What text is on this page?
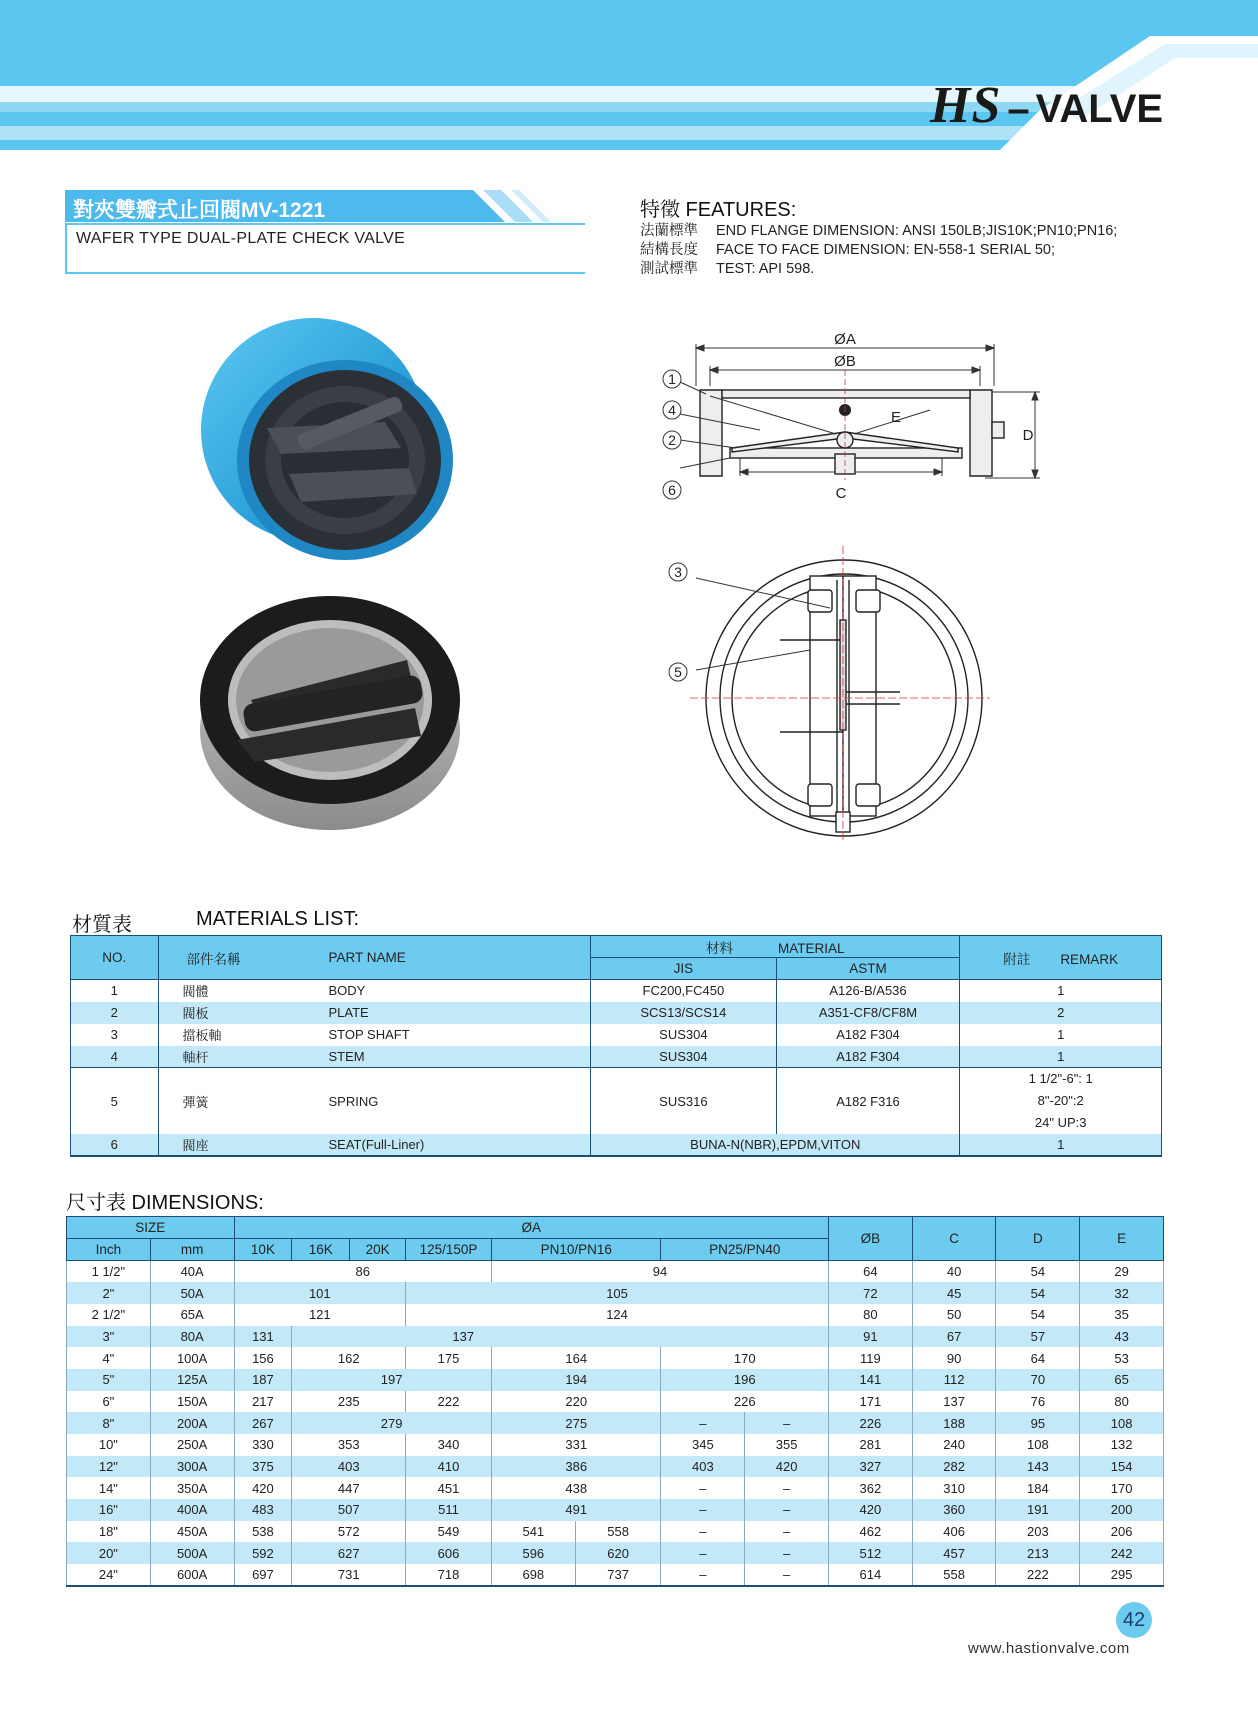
HS – VALVE
對夾雙瓣式止回閥MV-1221
WAFER TYPE DUAL-PLATE CHECK VALVE
特徵 FEATURES:
法蘭標準 END FLANGE DIMENSION: ANSI 150LB;JIS10K;PN10;PN16;
結構長度 FACE TO FACE DIMENSION: EN-558-1 SERIAL 50;
測試標準 TEST: API 598.
ØA
ØB
C
E
D
1
4
2
6
3
5
材質表	MATERIALS LIST:
NO.	部件名稱	PART NAME	材料 MATERIAL		附註 REMARK
			JIS	ASTM	
1	閥體	BODY	FC200,FC450	A126-B/A536	1
2	閥板	PLATE	SCS13/SCS14	A351-CF8/CF8M	2
3	擋板軸	STOP SHAFT	SUS304	A182 F304	1
4	軸杆	STEM	SUS304	A182 F304	1
5	彈簧	SPRING	SUS316	A182 F316	1 1/2"-6": 1
8"-20":2
24" UP:3

6	閥座	SEAT(Full-Liner)	BUNA-N(NBR),EPDM,VITON		1
尺寸表 DIMENSIONS:
SIZE		ØA								ØB	C	D	E
Inch	mm	10K	16K	20K	125/150P	PN10/PN16		PN25/PN40					
1 1/2"	40A	86				94				64	40	54	29
2"	50A	101			105					72	45	54	32
2 1/2"	65A	121			124					80	50	54	35
3"	80A	131	137							91	67	57	43
4"	100A	156	162		175	164		170		119	90	64	53
5"	125A	187	197			194		196		141	112	70	65
6"	150A	217	235		222	220		226		171	137	76	80
8"	200A	267	279			275		–	–	226	188	95	108
10"	250A	330	353		340	331		345	355	281	240	108	132
12"	300A	375	403		410	386		403	420	327	282	143	154
14"	350A	420	447		451	438		–	–	362	310	184	170
16"	400A	483	507		511	491		–	–	420	360	191	200
18"	450A	538	572		549	541	558	–	–	462	406	203	206
20"	500A	592	627		606	596	620	–	–	512	457	213	242
24"	600A	697	731		718	698	737	–	–	614	558	222	295
42
www.hastionvalve.com
